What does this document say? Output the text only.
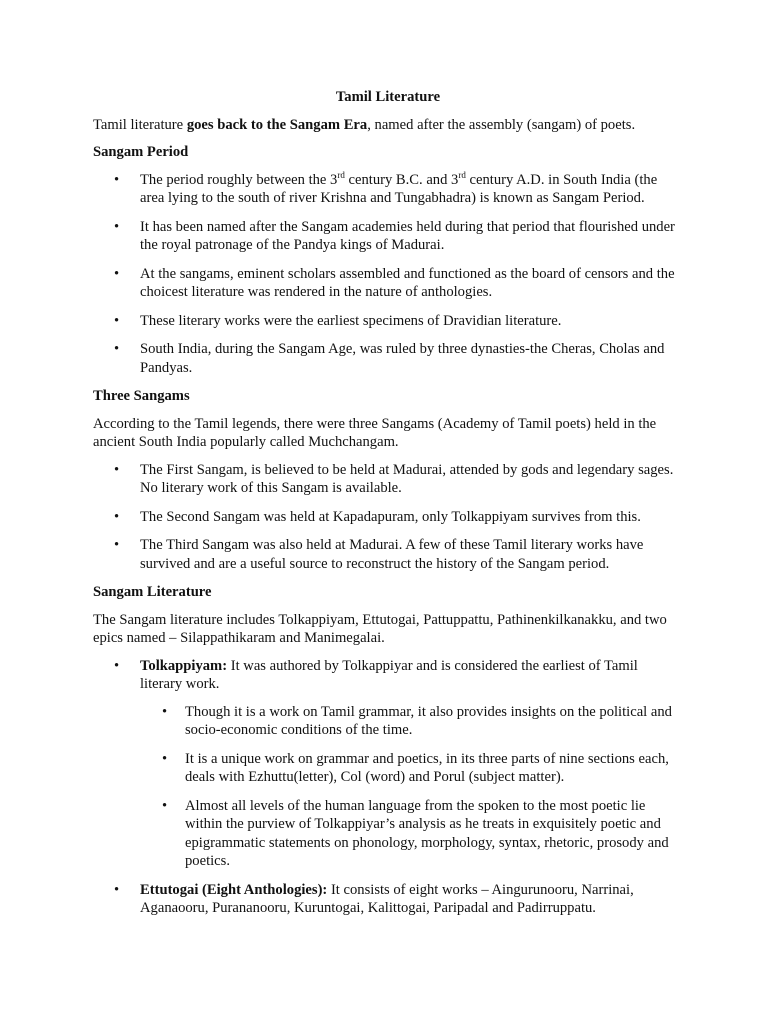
Tamil Literature

Tamil literature goes back to the Sangam Era, named after the assembly (sangam) of poets.

Sangam Period
• The period roughly between the 3rd century B.C. and 3rd century A.D. in South India (the area lying to the south of river Krishna and Tungabhadra) is known as Sangam Period.
• It has been named after the Sangam academies held during that period that flourished under the royal patronage of the Pandya kings of Madurai.
• At the sangams, eminent scholars assembled and functioned as the board of censors and the choicest literature was rendered in the nature of anthologies.
• These literary works were the earliest specimens of Dravidian literature.
• South India, during the Sangam Age, was ruled by three dynasties-the Cheras, Cholas and Pandyas.
Three Sangams

According to the Tamil legends, there were three Sangams (Academy of Tamil poets) held in the ancient South India popularly called Muchchangam.

• The First Sangam, is believed to be held at Madurai, attended by gods and legendary sages. No literary work of this Sangam is available.
• The Second Sangam was held at Kapadapuram, only Tolkappiyam survives from this.
• The Third Sangam was also held at Madurai. A few of these Tamil literary works have survived and are a useful source to reconstruct the history of the Sangam period.
Sangam Literature

The Sangam literature includes Tolkappiyam, Ettutogai, Pattuppattu, Pathinenkilkanakku, and two epics named – Silappathikaram and Manimegalai.

• Tolkappiyam: It was authored by Tolkappiyar and is considered the earliest of Tamil literary work.
• Though it is a work on Tamil grammar, it also provides insights on the political and socio-economic conditions of the time.
• It is a unique work on grammar and poetics, in its three parts of nine sections each, deals with Ezhuttu(letter), Col (word) and Porul (subject matter).
• Almost all levels of the human language from the spoken to the most poetic lie within the purview of Tolkappiyar’s analysis as he treats in exquisitely poetic and epigrammatic statements on phonology, morphology, syntax, rhetoric, prosody and poetics.
• Ettutogai (Eight Anthologies): It consists of eight works – Aingurunooru, Narrinai, Aganaooru, Purananooru, Kuruntogai, Kalittogai, Paripadal and Padirruppatu.
